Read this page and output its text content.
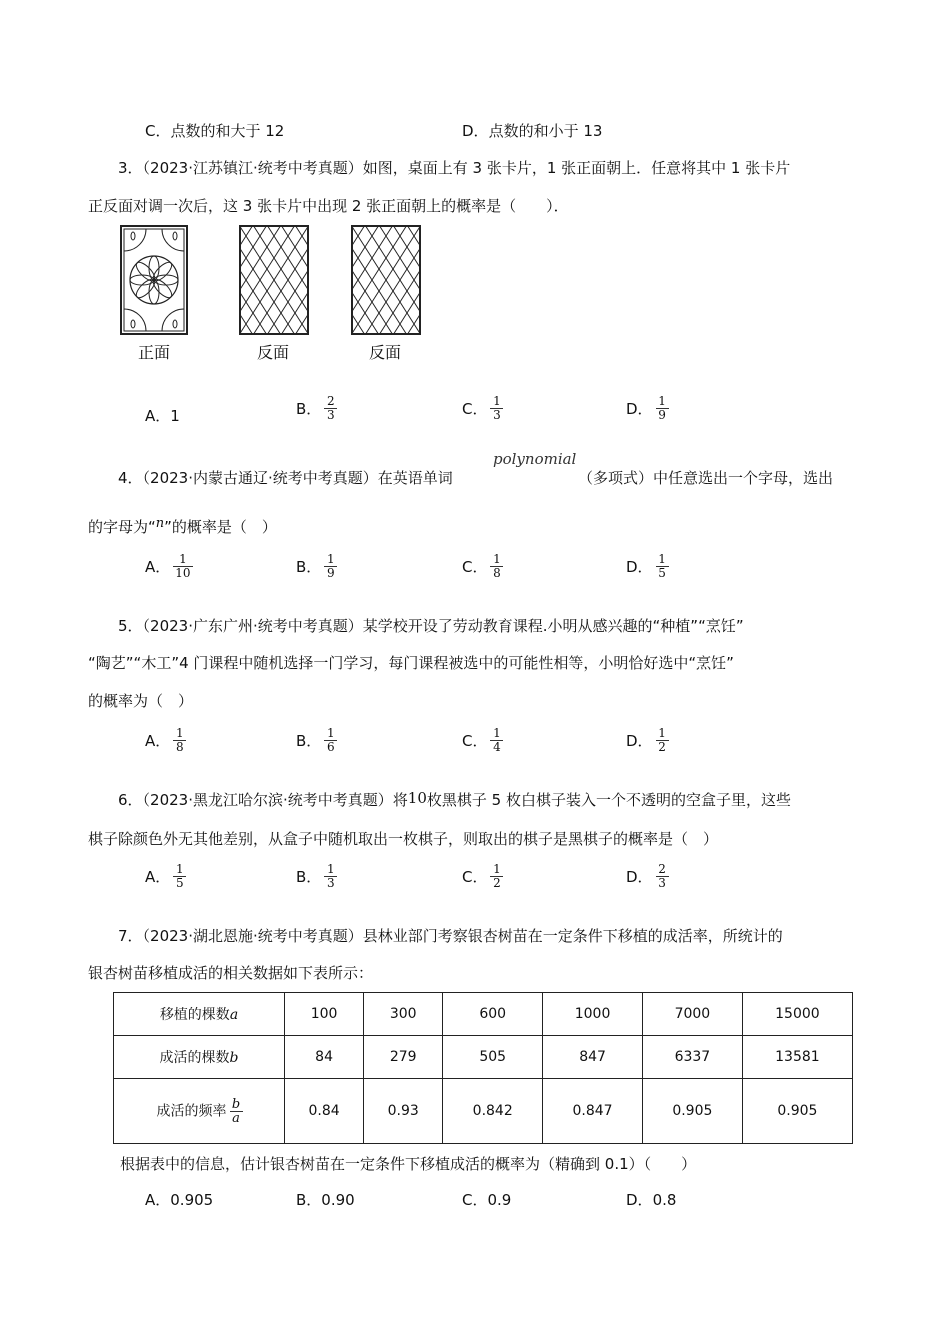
C． 点数的和大于 12	D． 点数的和小于 13
3．（2023·江苏镇江·统考中考真题）如图，桌面上有 3 张卡片，1 张正面朝上．任意将其中 1 张卡片
正反面对调一次后，这 3 张卡片中出现 2 张正面朝上的概率是（　　）．
正面	反面	反面
A． 1	B． $\frac{2}{3}$	C． $\frac{1}{3}$	D． $\frac{1}{9}$
4．（2023·内蒙古通辽·统考中考真题）在英语单词
polynomial
（多项式）中任意选出一个字母，选出
的字母为“n”的概率是（　）
A． $\frac{1}{10}$	B． $\frac{1}{9}$	C． $\frac{1}{8}$	D． $\frac{1}{5}$
5．（2023·广东广州·统考中考真题）某学校开设了劳动教育课程.小明从感兴趣的“种植”“烹饪”
“陶艺”“木工”4 门课程中随机选择一门学习，每门课程被选中的可能性相等，小明恰好选中“烹饪”
的概率为（　）
A． $\frac{1}{8}$	B． $\frac{1}{6}$	C． $\frac{1}{4}$	D． $\frac{1}{2}$
6．（2023·黑龙江哈尔滨·统考中考真题）将10枚黑棋子 5 枚白棋子装入一个不透明的空盒子里，这些
棋子除颜色外无其他差别，从盒子中随机取出一枚棋子，则取出的棋子是黑棋子的概率是（　）
A． $\frac{1}{5}$	B． $\frac{1}{3}$	C． $\frac{1}{2}$	D． $\frac{2}{3}$
7．（2023·湖北恩施·统考中考真题）县林业部门考察银杏树苗在一定条件下移植的成活率，所统计的
银杏树苗移植成活的相关数据如下表所示：
移植的棵数a	100	300	600	1000	7000	15000
成活的棵数b	84	279	505	847	6337	13581
成活的频率 $\frac{b}{a}$	0.84	0.93	0.842	0.847	0.905	0.905
根据表中的信息，估计银杏树苗在一定条件下移植成活的概率为（精确到 0.1）（　　）
A． 0.905	B． 0.90	C． 0.9	D． 0.8
